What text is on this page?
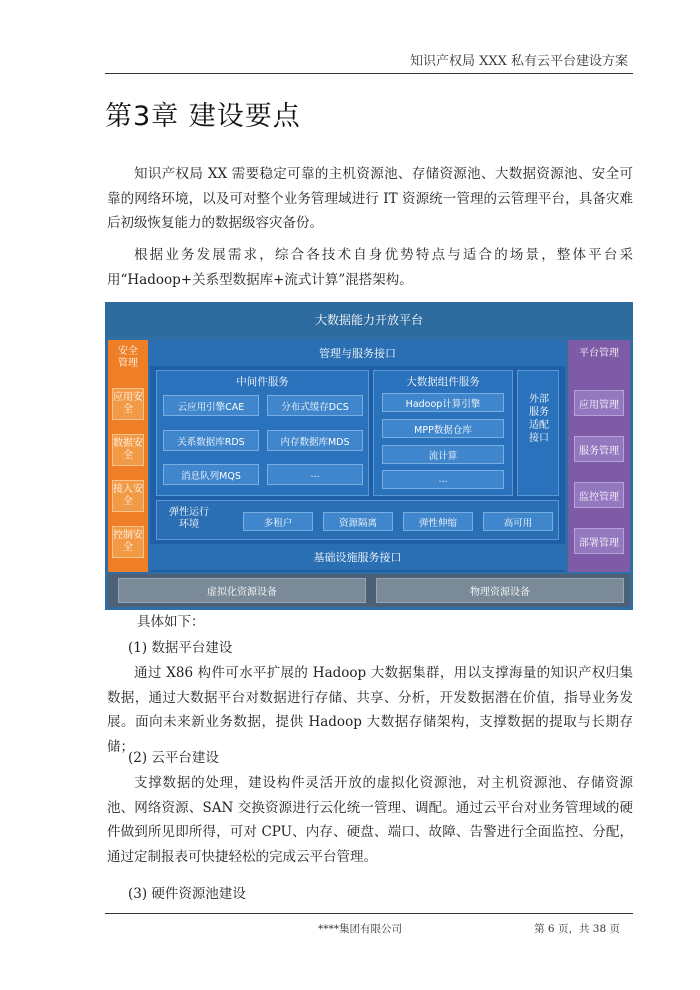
知识产权局 XXX 私有云平台建设方案
第3章 建设要点
知识产权局 XX 需要稳定可靠的主机资源池、存储资源池、大数据资源池、安全可靠的网络环境，以及可对整个业务管理域进行 IT 资源统一管理的云管理平台，具备灾难后初级恢复能力的数据级容灾备份。
根据业务发展需求，综合各技术自身优势特点与适合的场景，整体平台采用“Hadoop+关系型数据库+流式计算”混搭架构。
大数据能力开放平台
安全管理
应用安全
数据安全
接入安全
控制安全
管理与服务接口
中间件服务
云应用引擎CAE	分布式缓存DCS
关系数据库RDS	内存数据库MDS
消息队列MQS	...
大数据组件服务
Hadoop计算引擎
MPP数据仓库
流计算
...
外部服务适配接口
弹性运行环境	多租户	资源隔离	弹性伸缩	高可用
基础设施服务接口
平台管理
应用管理
服务管理
监控管理
部署管理
虚拟化资源设备	物理资源设备
具体如下：
(1) 数据平台建设
通过 X86 构件可水平扩展的 Hadoop 大数据集群，用以支撑海量的知识产权归集数据，通过大数据平台对数据进行存储、共享、分析，开发数据潜在价值，指导业务发展。面向未来新业务数据，提供 Hadoop 大数据存储架构，支撑数据的提取与长期存储；
(2) 云平台建设
支撑数据的处理，建设构件灵活开放的虚拟化资源池，对主机资源池、存储资源池、网络资源、SAN 交换资源进行云化统一管理、调配。通过云平台对业务管理域的硬件做到所见即所得，可对 CPU、内存、硬盘、端口、故障、告警进行全面监控、分配，通过定制报表可快捷轻松的完成云平台管理。
(3) 硬件资源池建设
****集团有限公司	第 6 页，共 38 页
